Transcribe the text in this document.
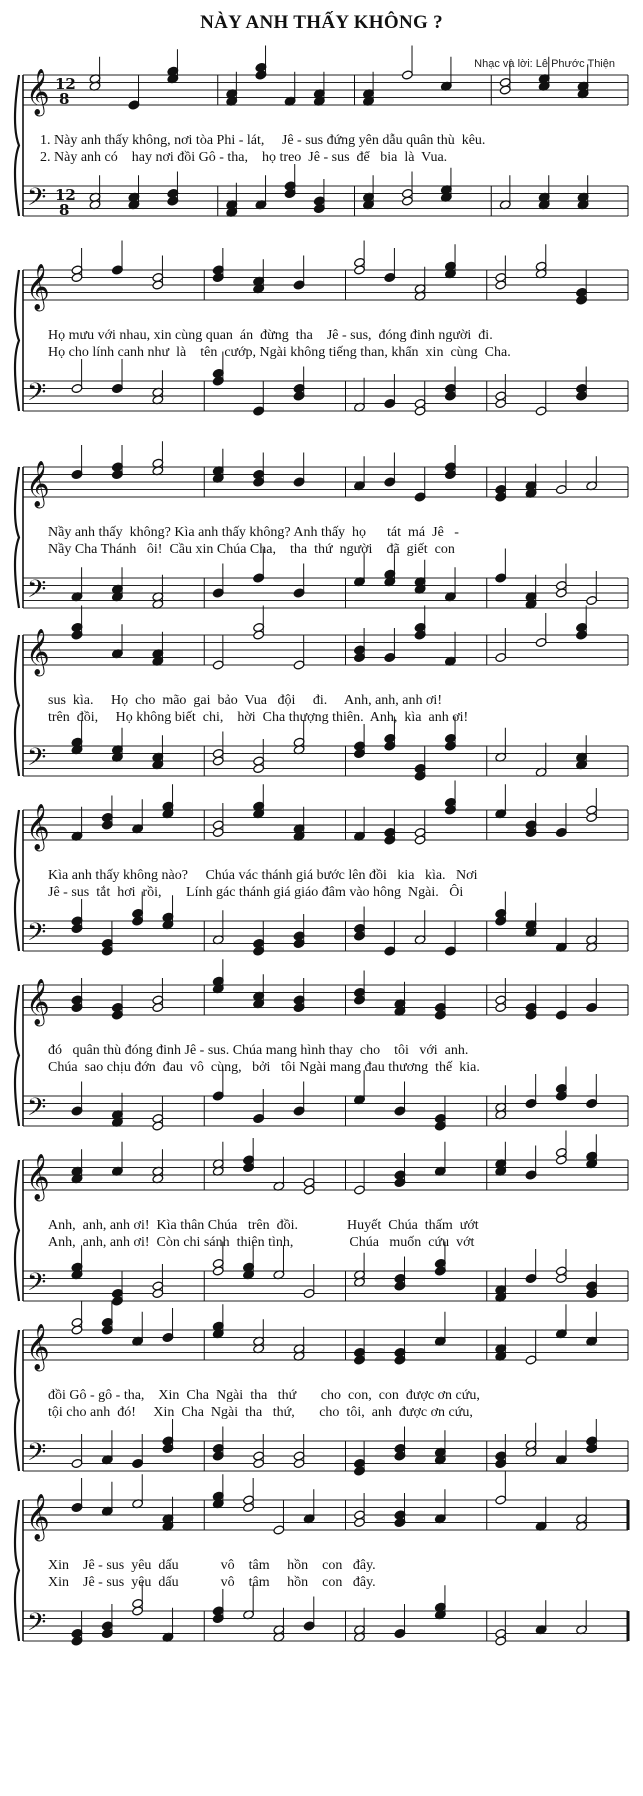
NÀY ANH THẤY KHÔNG ?
Nhạc và lời: Lê Phước Thiện
𝄞
𝄢
12
8
12
8
𝄞
𝄢
𝄞
𝄢
𝄞
𝄢
𝄞
𝄢
𝄞
𝄢
𝄞
𝄢
𝄞
𝄢
𝄞
𝄢
1. Này anh thấy không, nơi tòa Phi - lát,     Jê - sus đứng yên dẫu quân thù  kêu.
2. Này anh có    hay nơi đồi Gô - tha,    họ treo  Jê - sus  để   bia  là  Vua.
Họ mưu với nhau, xin cùng quan  án  đừng  tha    Jê - sus,  đóng đinh người  đi.
Họ cho lính canh như  là    tên  cướp, Ngài không tiếng than, khẩn  xin  cùng  Cha.
Nầy anh thấy  không? Kìa anh thấy không? Anh thấy  họ      tát  má  Jê   -
Nầy Cha Thánh   ôi!  Cầu xin Chúa Cha,    tha  thứ  người    đã  giết  con
sus  kìa.     Họ  cho  mão  gai  bảo  Vua   đội     đi.     Anh, anh, anh ơi!
trên  đồi,     Họ không biết  chi,    hời  Cha thượng thiên.  Anh,  kìa  anh ơi!
Kìa anh thấy không nào?     Chúa vác thánh giá bước lên đồi   kia   kìa.   Nơi
Jê - sus  tắt  hơi  rồi,       Lính gác thánh giá giáo đâm vào hông  Ngài.   Ôi
đó   quân thù đóng đinh Jê - sus. Chúa mang hình thay  cho    tôi   với  anh.
Chúa  sao chịu đớn  đau  vô  cùng,   bởi   tôi Ngài mang đau thương  thế  kia.
Anh,  anh, anh ơi!  Kìa thân Chúa   trên  đồi.              Huyết  Chúa  thấm  ướt
Anh,  anh, anh ơi!  Còn chi sánh  thiên tình,                Chúa   muốn  cứu  vớt
đồi Gô - gô - tha,    Xin  Cha  Ngài  tha   thứ       cho  con,  con  được ơn cứu,
tội cho anh  đó!     Xin  Cha  Ngài  tha   thứ,       cho  tôi,  anh  được ơn cứu,
Xin    Jê - sus  yêu  dấu            vô    tâm     hồn    con   đây.
Xin    Jê - sus  yêu  dấu            vô    tâm     hồn    con   đây.
